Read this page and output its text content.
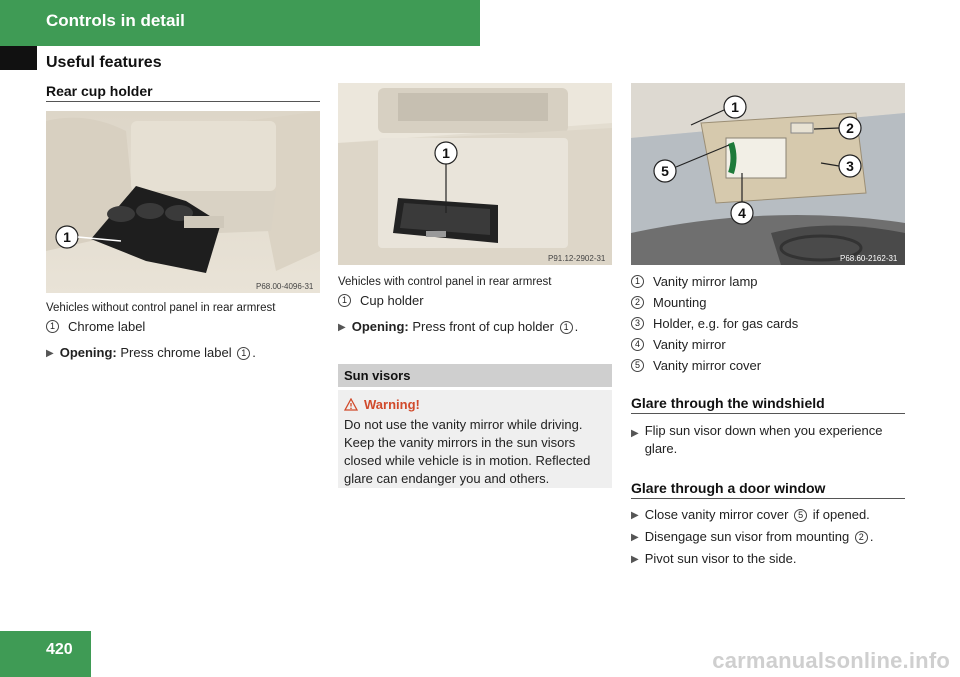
Controls in detail
Useful features
Rear cup holder
1
P68.00-4096-31
Vehicles without control panel in rear armrest
1	Chrome label
▶ Opening: Press chrome label 1 .
1
P91.12-2902-31
Vehicles with control panel in rear armrest
1	Cup holder
▶ Opening: Press front of cup holder 1 .
Sun visors
Warning!
Do not use the vanity mirror while driving. Keep the vanity mirrors in the sun visors closed while vehicle is in motion. Reflected glare can endanger you and others.
1
2
3
4
5
P68.60-2162-31
1	Vanity mirror lamp
2	Mounting
3	Holder, e.g. for gas cards
4	Vanity mirror
5	Vanity mirror cover
Glare through the windshield
▶ Flip sun visor down when you experience glare.
Glare through a door window
▶ Close vanity mirror cover 5 if opened.
▶ Disengage sun visor from mounting 2 .
▶ Pivot sun visor to the side.
420	carmanualsonline.info
